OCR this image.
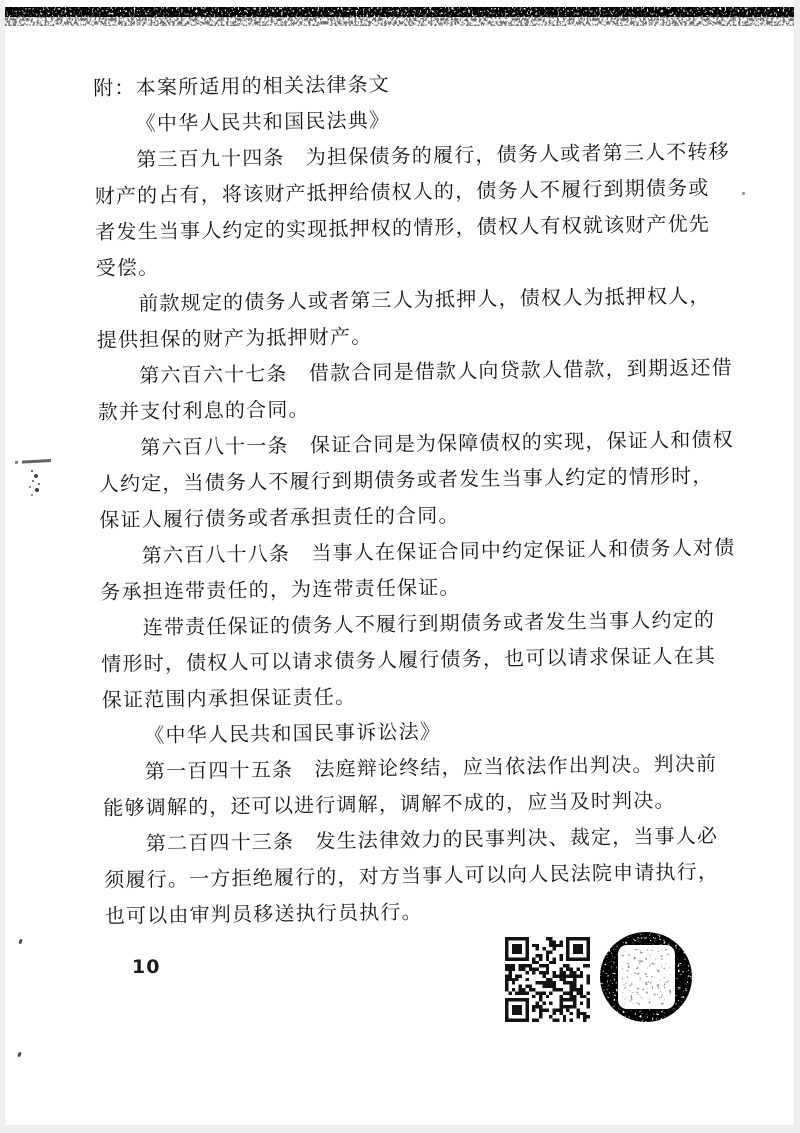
附：本案所适用的相关法律条文
《中华人民共和国民法典》
第三百九十四条　为担保债务的履行，债务人或者第三人不转移
财产的占有，将该财产抵押给债权人的，债务人不履行到期债务或
者发生当事人约定的实现抵押权的情形，债权人有权就该财产优先
受偿。
前款规定的债务人或者第三人为抵押人，债权人为抵押权人，
提供担保的财产为抵押财产。
第六百六十七条　借款合同是借款人向贷款人借款，到期返还借
款并支付利息的合同。
第六百八十一条　保证合同是为保障债权的实现，保证人和债权
人约定，当债务人不履行到期债务或者发生当事人约定的情形时，
保证人履行债务或者承担责任的合同。
第六百八十八条　当事人在保证合同中约定保证人和债务人对债
务承担连带责任的，为连带责任保证。
连带责任保证的债务人不履行到期债务或者发生当事人约定的
情形时，债权人可以请求债务人履行债务，也可以请求保证人在其
保证范围内承担保证责任。
《中华人民共和国民事诉讼法》
第一百四十五条　法庭辩论终结，应当依法作出判决。判决前
能够调解的，还可以进行调解，调解不成的，应当及时判决。
第二百四十三条　发生法律效力的民事判决、裁定，当事人必
须履行。一方拒绝履行的，对方当事人可以向人民法院申请执行，
也可以由审判员移送执行员执行。
10
